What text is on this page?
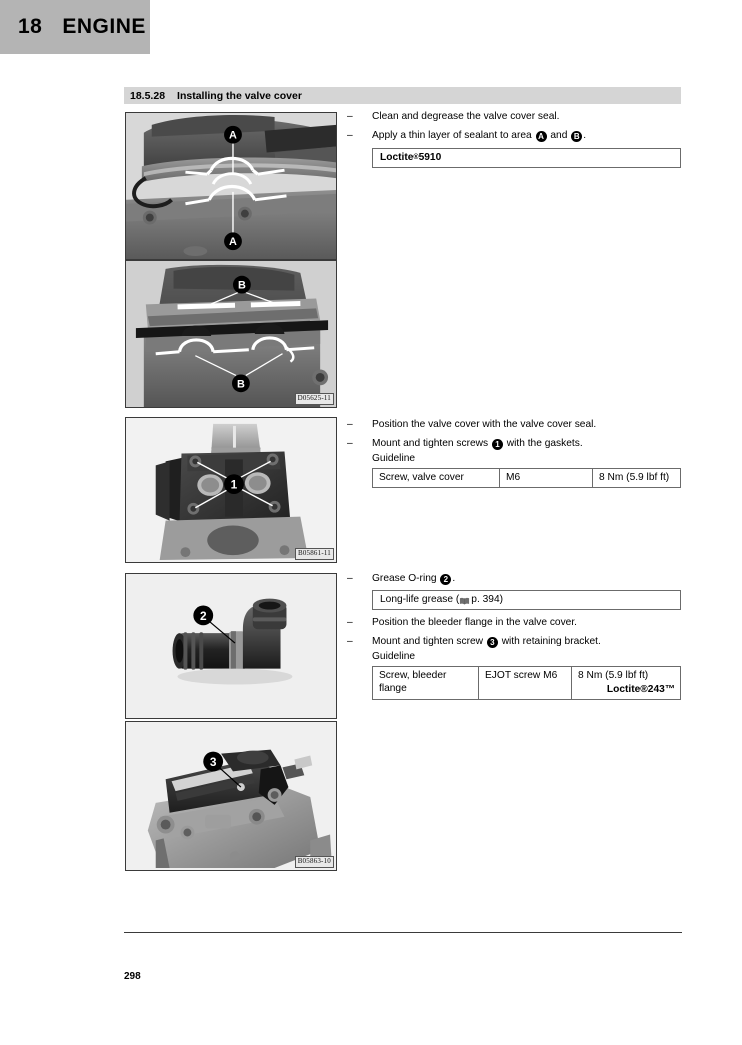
18 ENGINE
18.5.28 Installing the valve cover
A
A
B
B
D05625-11
1
B05861-11
2
3
B05863-10
– Clean and degrease the valve cover seal.
– Apply a thin layer of sealant to area A and B .
Loctite ® 5910
– Position the valve cover with the valve cover seal.
– Mount and tighten screws 1 with the gaskets.
Guideline
Screw, valve cover	M6	8 Nm (5.9 lbf ft)
– Grease O-ring 2 .
Long-life grease ( p. 394)
– Position the bleeder flange in the valve cover.
– Mount and tighten screw 3 with retaining bracket.
Guideline
Screw, bleeder flange	EJOT screw M6	8 Nm (5.9 lbf ft)
Loctite®243™
298
